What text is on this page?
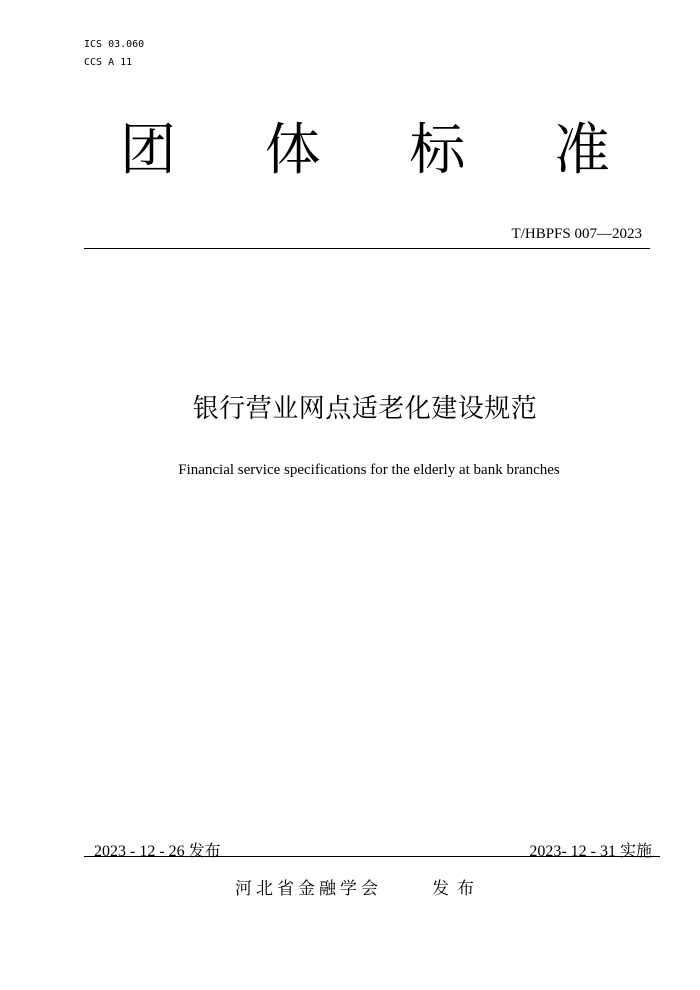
ICS 03.060
CCS A 11
团 体 标 准
T/HBPFS 007—2023
银行营业网点适老化建设规范
Financial service specifications for the elderly at bank branches
2023 - 12 - 26 发布	2023- 12 - 31 实施
河北省金融学会	发布
